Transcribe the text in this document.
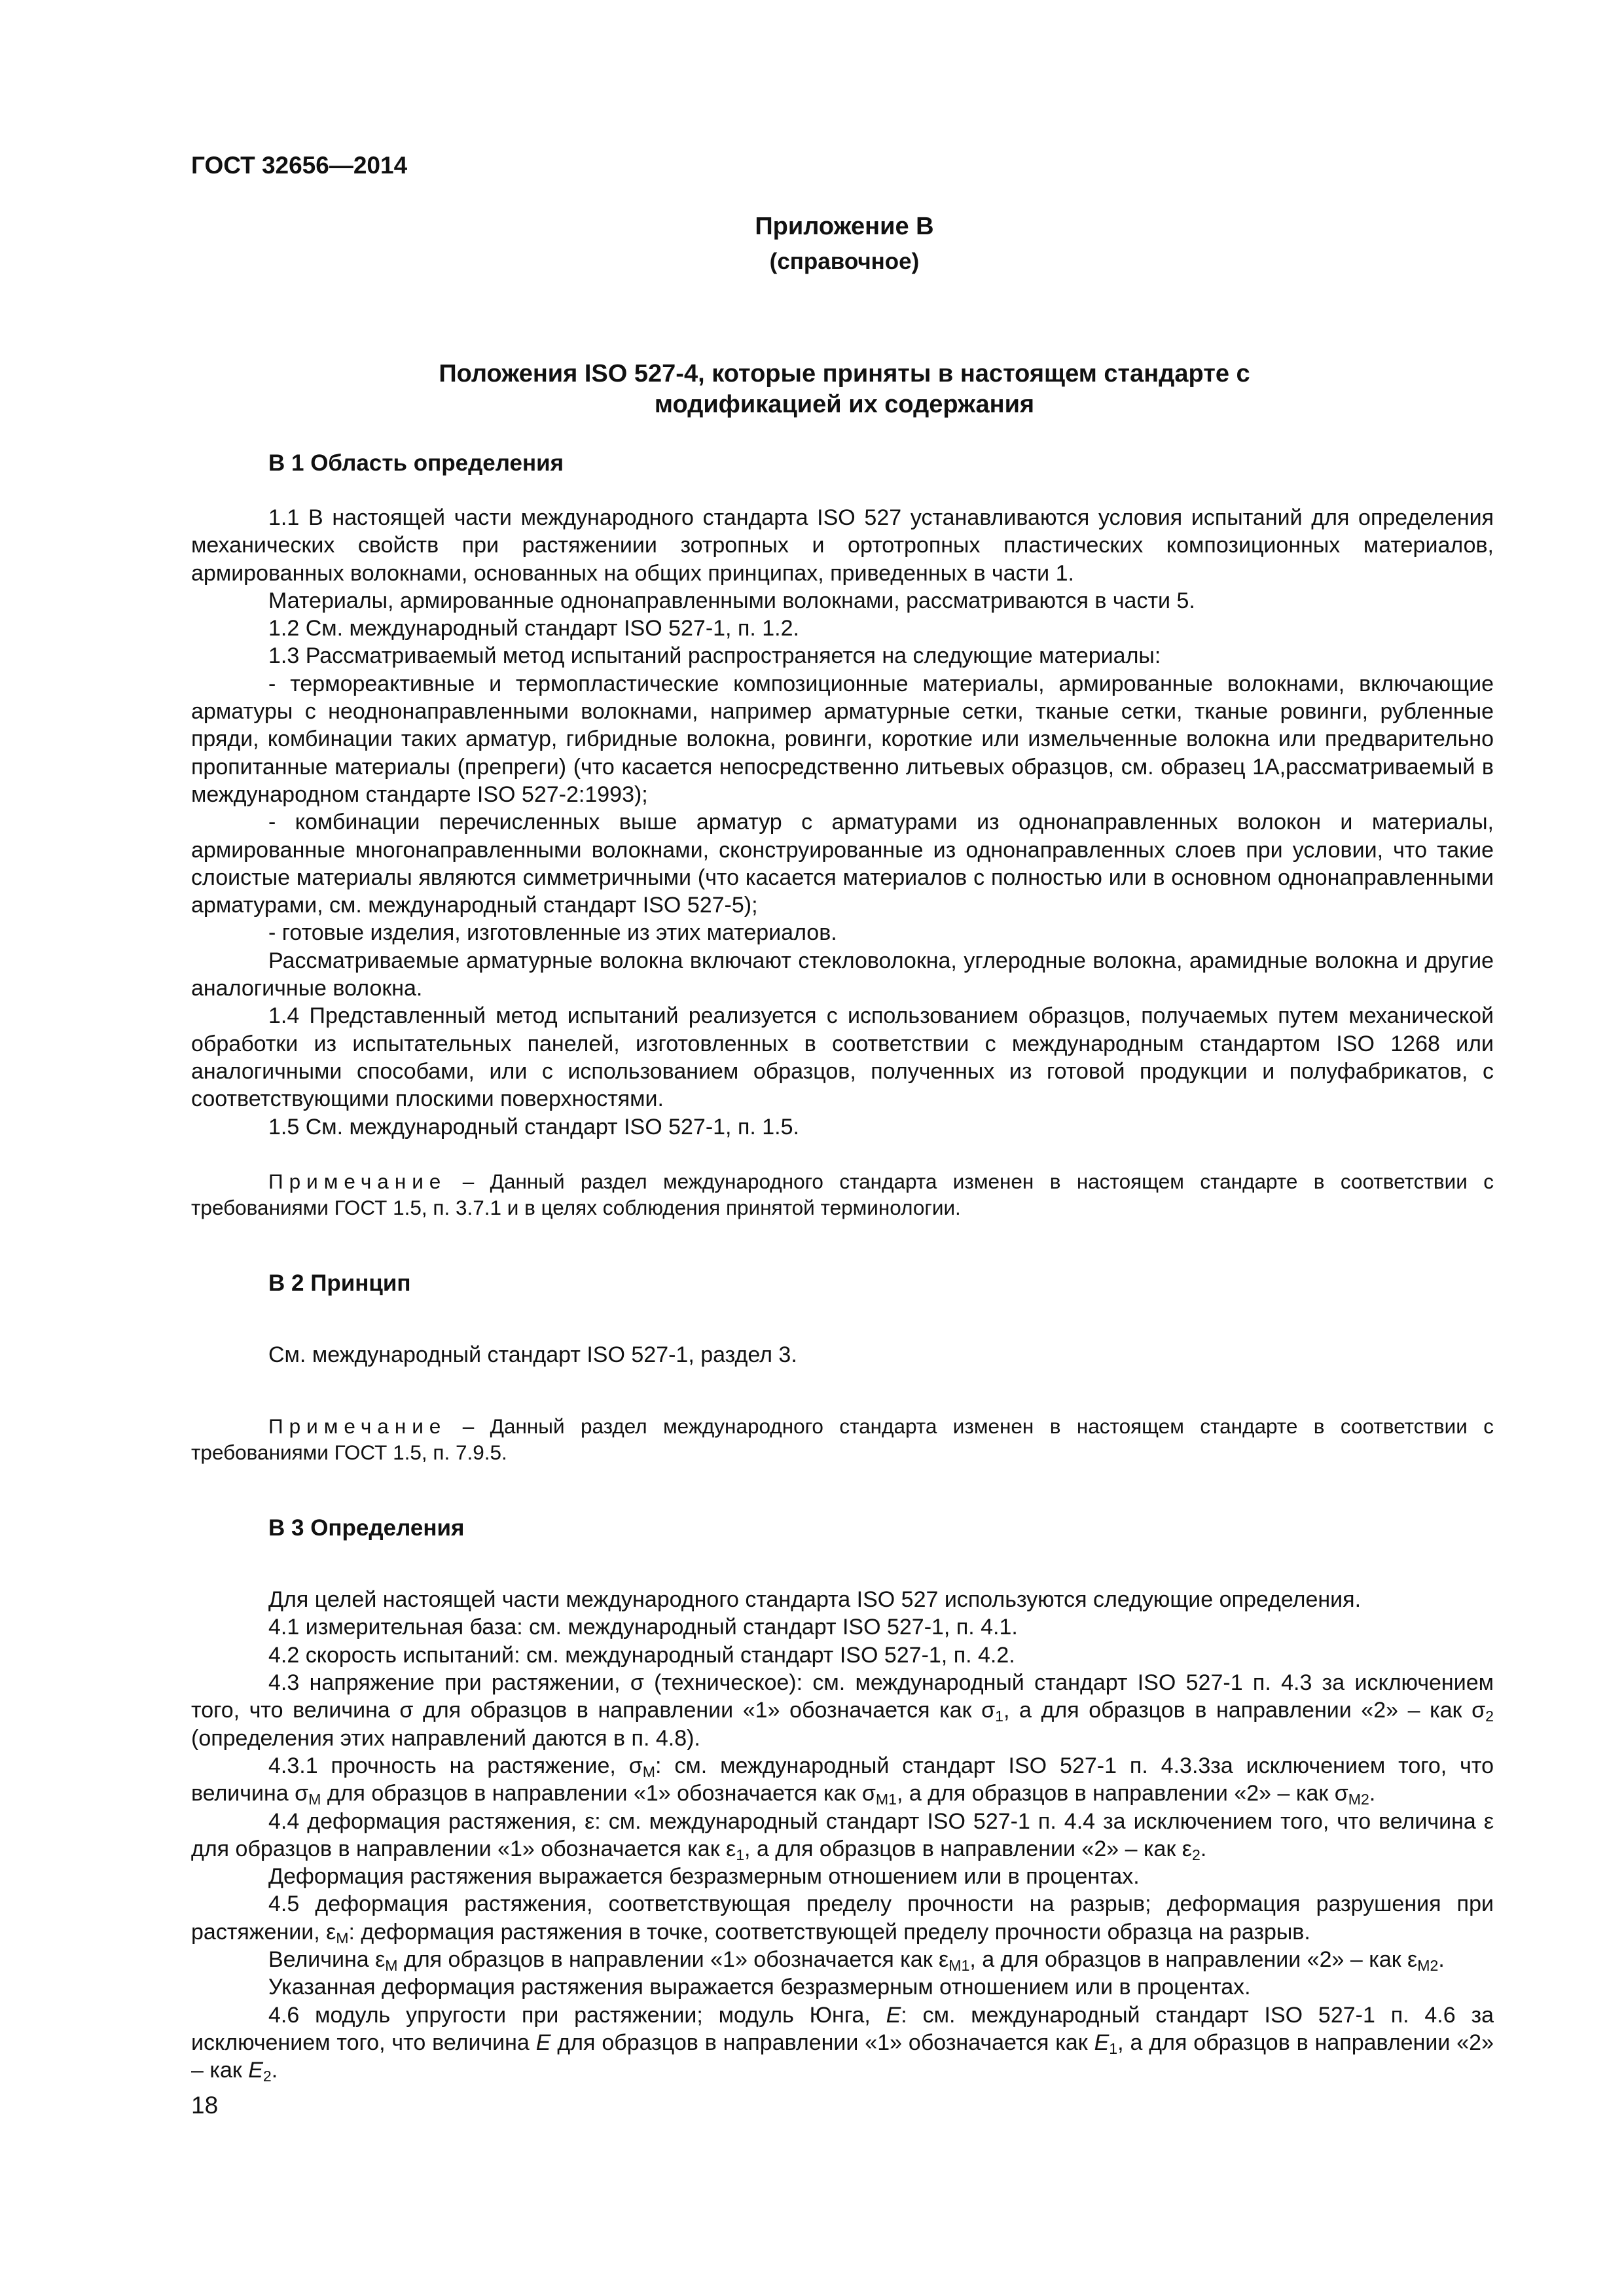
ГОСТ 32656—2014
Приложение В
(справочное)
Положения ISO 527-4, которые приняты в настоящем стандарте с модификацией их содержания

В 1 Область определения

1.1 В настоящей части международного стандарта ISO 527 устанавливаются условия испытаний для определения механических свойств при растяжениии зотропных и ортотропных пластических композиционных материалов, армированных волокнами, основанных на общих принципах, приведенных в части 1.

Материалы, армированные однонаправленными волокнами, рассматриваются в части 5.

1.2 См. международный стандарт ISO 527-1, п. 1.2.

1.3 Рассматриваемый метод испытаний распространяется на следующие материалы:

- термореактивные и термопластические композиционные материалы, армированные волокнами, включающие арматуры с неоднонаправленными волокнами, например арматурные сетки, тканые сетки, тканые ровинги, рубленные пряди, комбинации таких арматур, гибридные волокна, ровинги, короткие или измельченные волокна или предварительно пропитанные материалы (препреги) (что касается непосредственно литьевых образцов, см. образец 1А,рассматриваемый в международном стандарте ISO 527-2:1993);

- комбинации перечисленных выше арматур с арматурами из однонаправленных волокон и материалы, армированные многонаправленными волокнами, сконструированные из однонаправленных слоев при условии, что такие слоистые материалы являются симметричными (что касается материалов с полностью или в основном однонаправленными арматурами, см. международный стандарт ISO 527-5);

- готовые изделия, изготовленные из этих материалов.

Рассматриваемые арматурные волокна включают стекловолокна, углеродные волокна, арамидные волокна и другие аналогичные волокна.

1.4 Представленный метод испытаний реализуется с использованием образцов, получаемых путем механической обработки из испытательных панелей, изготовленных в соответствии с международным стандартом ISO 1268 или аналогичными способами, или с использованием образцов, полученных из готовой продукции и полуфабрикатов, с соответствующими плоскими поверхностями.

1.5 См. международный стандарт ISO 527-1, п. 1.5.

Примечание – Данный раздел международного стандарта изменен в настоящем стандарте в соответствии с требованиями ГОСТ 1.5, п. 3.7.1 и в целях соблюдения принятой терминологии.

В 2 Принцип

См. международный стандарт ISO 527-1, раздел 3.

Примечание – Данный раздел международного стандарта изменен в настоящем стандарте в соответствии с требованиями ГОСТ 1.5, п. 7.9.5.

В 3 Определения

Для целей настоящей части международного стандарта ISO 527 используются следующие определения.

4.1 измерительная база: см. международный стандарт ISO 527-1, п. 4.1.

4.2 скорость испытаний: см. международный стандарт ISO 527-1, п. 4.2.

4.3 напряжение при растяжении, σ (техническое): см. международный стандарт ISO 527-1 п. 4.3 за исключением того, что величина σ для образцов в направлении «1» обозначается как $\sigma_1$, а для образцов в направлении «2» – как $\sigma_2$ (определения этих направлений даются в п. 4.8).

4.3.1 прочность на растяжение, $\sigma_M$: см. международный стандарт ISO 527-1 п. 4.3.3за исключением того, что величина $\sigma_M$ для образцов в направлении «1» обозначается как $\sigma_{M1}$, а для образцов в направлении «2» – как $\sigma_{M2}$.

4.4 деформация растяжения, ε: см. международный стандарт ISO 527-1 п. 4.4 за исключением того, что величина ε для образцов в направлении «1» обозначается как $\varepsilon_1$, а для образцов в направлении «2» – как $\varepsilon_2$.

Деформация растяжения выражается безразмерным отношением или в процентах.

4.5 деформация растяжения, соответствующая пределу прочности на разрыв; деформация разрушения при растяжении, $\varepsilon_M$: деформация растяжения в точке, соответствующей пределу прочности образца на разрыв.

Величина $\varepsilon_M$ для образцов в направлении «1» обозначается как $\varepsilon_{M1}$, а для образцов в направлении «2» – как $\varepsilon_{M2}$.

Указанная деформация растяжения выражается безразмерным отношением или в процентах.

4.6 модуль упругости при растяжении; модуль Юнга, E: см. международный стандарт ISO 527-1 п. 4.6 за исключением того, что величина E для образцов в направлении «1» обозначается как $E_1$, а для образцов в направлении «2» – как $E_2$.

18
